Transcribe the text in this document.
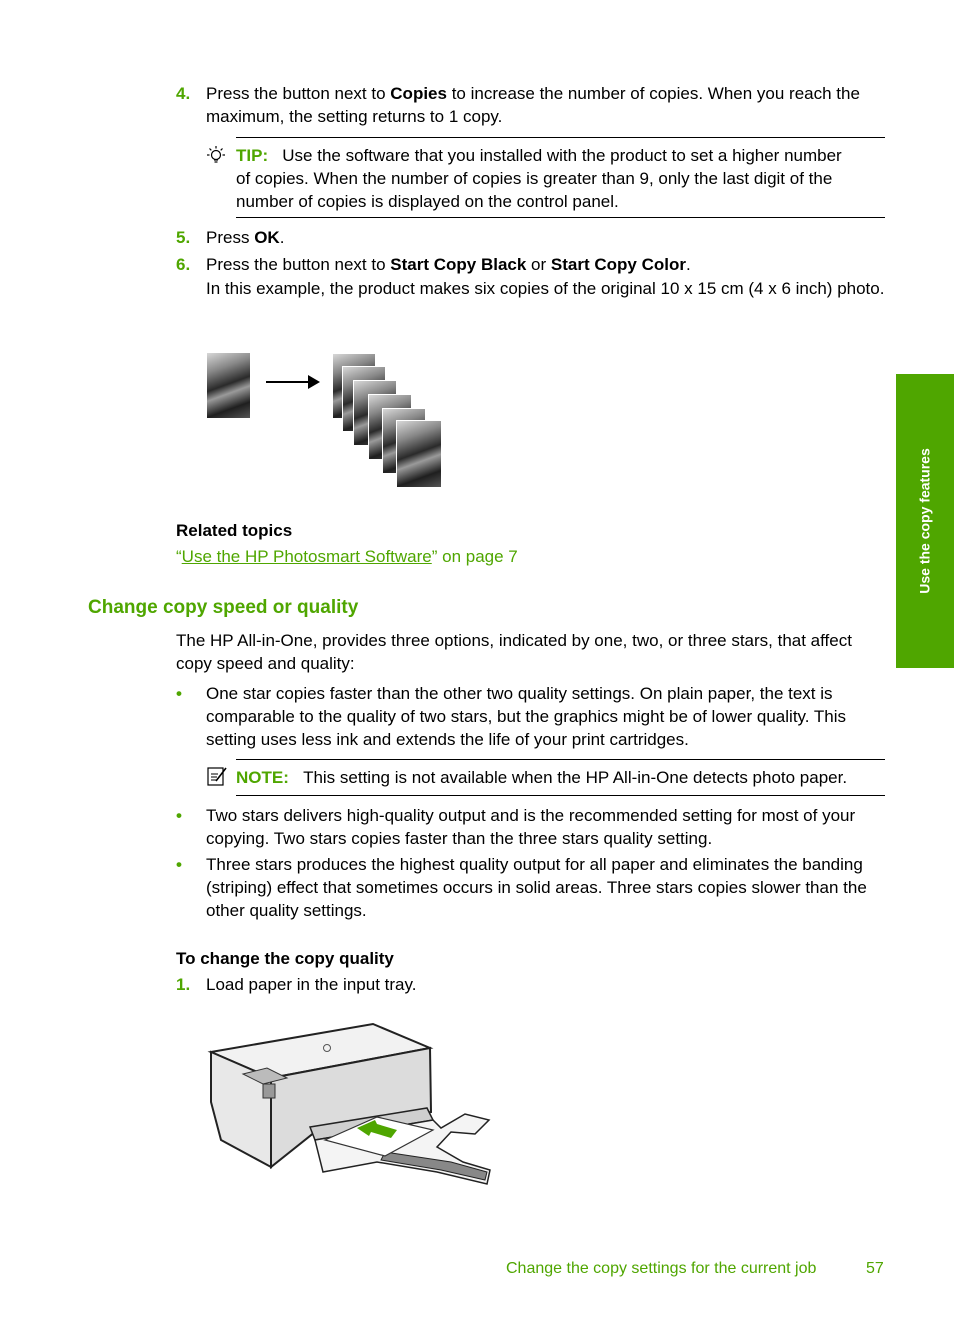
4. Press the button next to Copies to increase the number of copies. When you reach the maximum, the setting returns to 1 copy.
TIP: Use the software that you installed with the product to set a higher number
of copies. When the number of copies is greater than 9, only the last digit of the
number of copies is displayed on the control panel.
5. Press OK.
6. Press the button next to Start Copy Black or Start Copy Color.
In this example, the product makes six copies of the original 10 x 15 cm (4 x 6 inch) photo.
Related topics
“Use the HP Photosmart Software” on page 7
Change copy speed or quality
The HP All-in-One, provides three options, indicated by one, two, or three stars, that affect copy speed and quality:
• One star copies faster than the other two quality settings. On plain paper, the text is comparable to the quality of two stars, but the graphics might be of lower quality. This setting uses less ink and extends the life of your print cartridges.
NOTE: This setting is not available when the HP All-in-One detects photo paper.
• Two stars delivers high-quality output and is the recommended setting for most of your copying. Two stars copies faster than the three stars quality setting.
• Three stars produces the highest quality output for all paper and eliminates the banding (striping) effect that sometimes occurs in solid areas. Three stars copies slower than the other quality settings.
To change the copy quality
1. Load paper in the input tray.
Use the copy features
Change the copy settings for the current job	57
